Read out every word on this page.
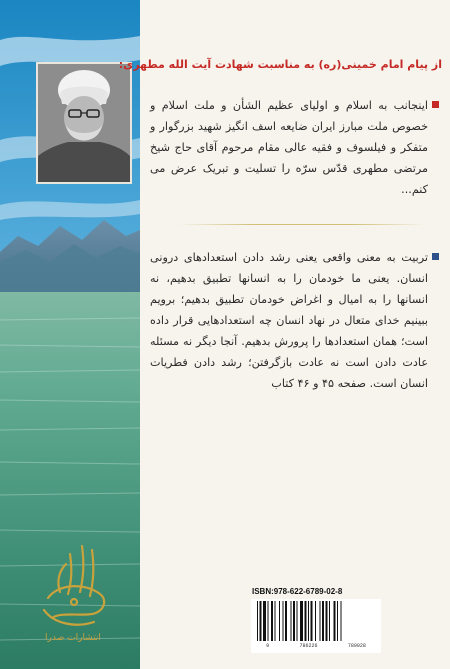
از پیام امام خمینی(ره) به مناسبت شهادت آیت الله مطهری:
اینجانب به اسلام و اولیای عظیم الشأن و ملت اسلام و خصوص ملت مبارز ایران ضایعه اسف انگیز شهید بزرگوار و متفکر و فیلسوف و فقیه عالی مقام مرحوم آقای حاج شیخ مرتضی مطهری قدّس سرّه را تسلیت و تبریک عرض می کنم...
تربیت به معنی واقعی یعنی رشد دادن استعدادهای درونی انسان. یعنی ما خودمان را به انسانها تطبیق بدهیم، نه انسانها را به امیال و اغراض خودمان تطبیق بدهیم؛ برویم ببینیم خدای متعال در نهاد انسان چه استعدادهایی قرار داده است؛ همان استعدادها را پرورش بدهیم. آنجا دیگر نه مسئله عادت دادن است نه عادت بازگرفتن؛ رشد دادن فطریات انسان است. صفحه ۴۵ و ۴۶ کتاب
ISBN:978-622-6789-02-8
9	786226	789028
انتشارات صدرا
